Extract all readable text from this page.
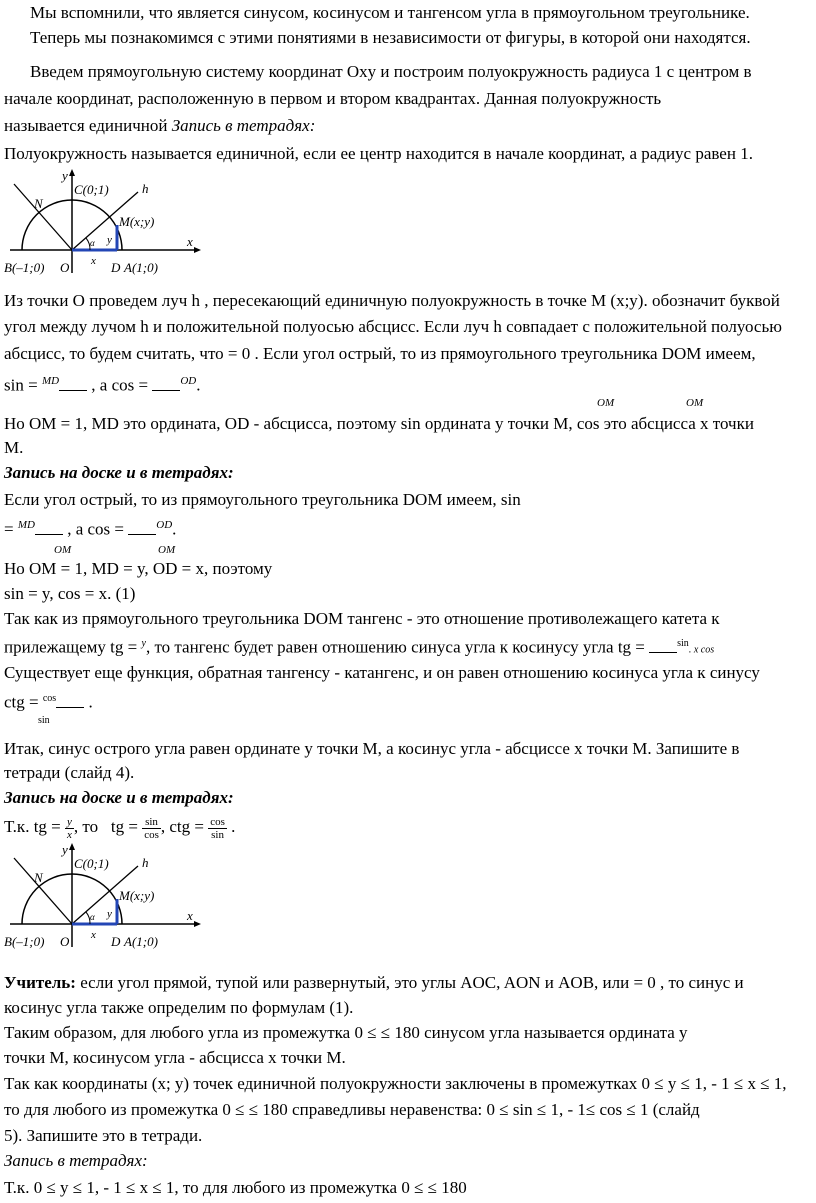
Мы вспомнили, что является синусом, косинусом и тангенсом угла в прямоугольном треугольнике.
Теперь мы познакомимся с этими понятиями в независимости от фигуры, в которой они находятся.
Введем прямоугольную систему координат Oxy и построим полуокружность радиуса 1 с центром в
начале координат, расположенную в первом и втором квадрантах. Данная полуокружность
называется единичной Запись в тетрадях:
Полуокружность называется единичной, если ее центр находится в начале координат, а радиус равен 1.
y
x
C(0;1)	h
N
M(x;y)
y
x
α
B(–1;0) O	D A(1;0)
Из точки O проведем луч h , пересекающий единичную полуокружность в точке M (x;y). обозначит буквой
угол между лучом h и положительной полуосью абсцисс. Если луч h совпадает с положительной полуосью
абсцисс, то будем считать, что = 0 . Если угол острый, то из прямоугольного треугольника DOM имеем,
sin = $^{MD}$ , a cos =	$^{OD}$.
OM	OM
Но OM = 1, MD это ордината, OD - абсцисса, поэтому sin ордината y точки M, cos это абсцисса x точки
M.
Запись на доске и в тетрадях:
Если угол острый, то из прямоугольного треугольника DOM имеем, sin
= $^{MD}$ , a cos =	$^{OD}$.
OM	OM
Но OM = 1, MD = y, OD = x, поэтому
sin = y, cos = x. (1)
Так как из прямоугольного треугольника DOM тангенс - это отношение противолежащего катета к
прилежащему tg = $^y$, то тангенс будет равен отношению синуса угла к косинусу угла tg =	$^{sin}$. x cos
Существует еще функция, обратная тангенсу - катангенс, и он равен отношению косинуса угла к синусу
ctg = $^{cos}$ .
sin
Итак, синус острого угла равен ординате y точки M, а косинус угла - абсциссе x точки M. Запишите в
тетради (слайд 4).
Запись на доске и в тетрадях:
Т.к. tg = $\frac{y}{x}$ , то tg = $\frac{\sin}{\cos}$ , ctg = $\frac{\cos}{\sin}$ .
y
x
C(0;1)	h
N
M(x;y)
y
x
α
B(–1;0) O	D A(1;0)
Учитель: если угол прямой, тупой или развернутый, это углы AOC, AON и AOB, или = 0 , то синус и
косинус угла также определим по формулам (1).
Таким образом, для любого угла из промежутка 0 ≤ ≤ 180 синусом угла называется ордината y
точки M, косинусом угла - абсцисса x точки M.
Так как координаты (x; y) точек единичной полуокружности заключены в промежутках 0 ≤ y ≤ 1, - 1 ≤ x ≤ 1,
то для любого из промежутка 0 ≤ ≤ 180 справедливы неравенства: 0 ≤ sin ≤ 1, - 1≤ cos ≤ 1 (слайд
5). Запишите это в тетради.
Запись в тетрадях:
Т.к. 0 ≤ y ≤ 1, - 1 ≤ x ≤ 1, то для любого из промежутка 0 ≤ ≤ 180
